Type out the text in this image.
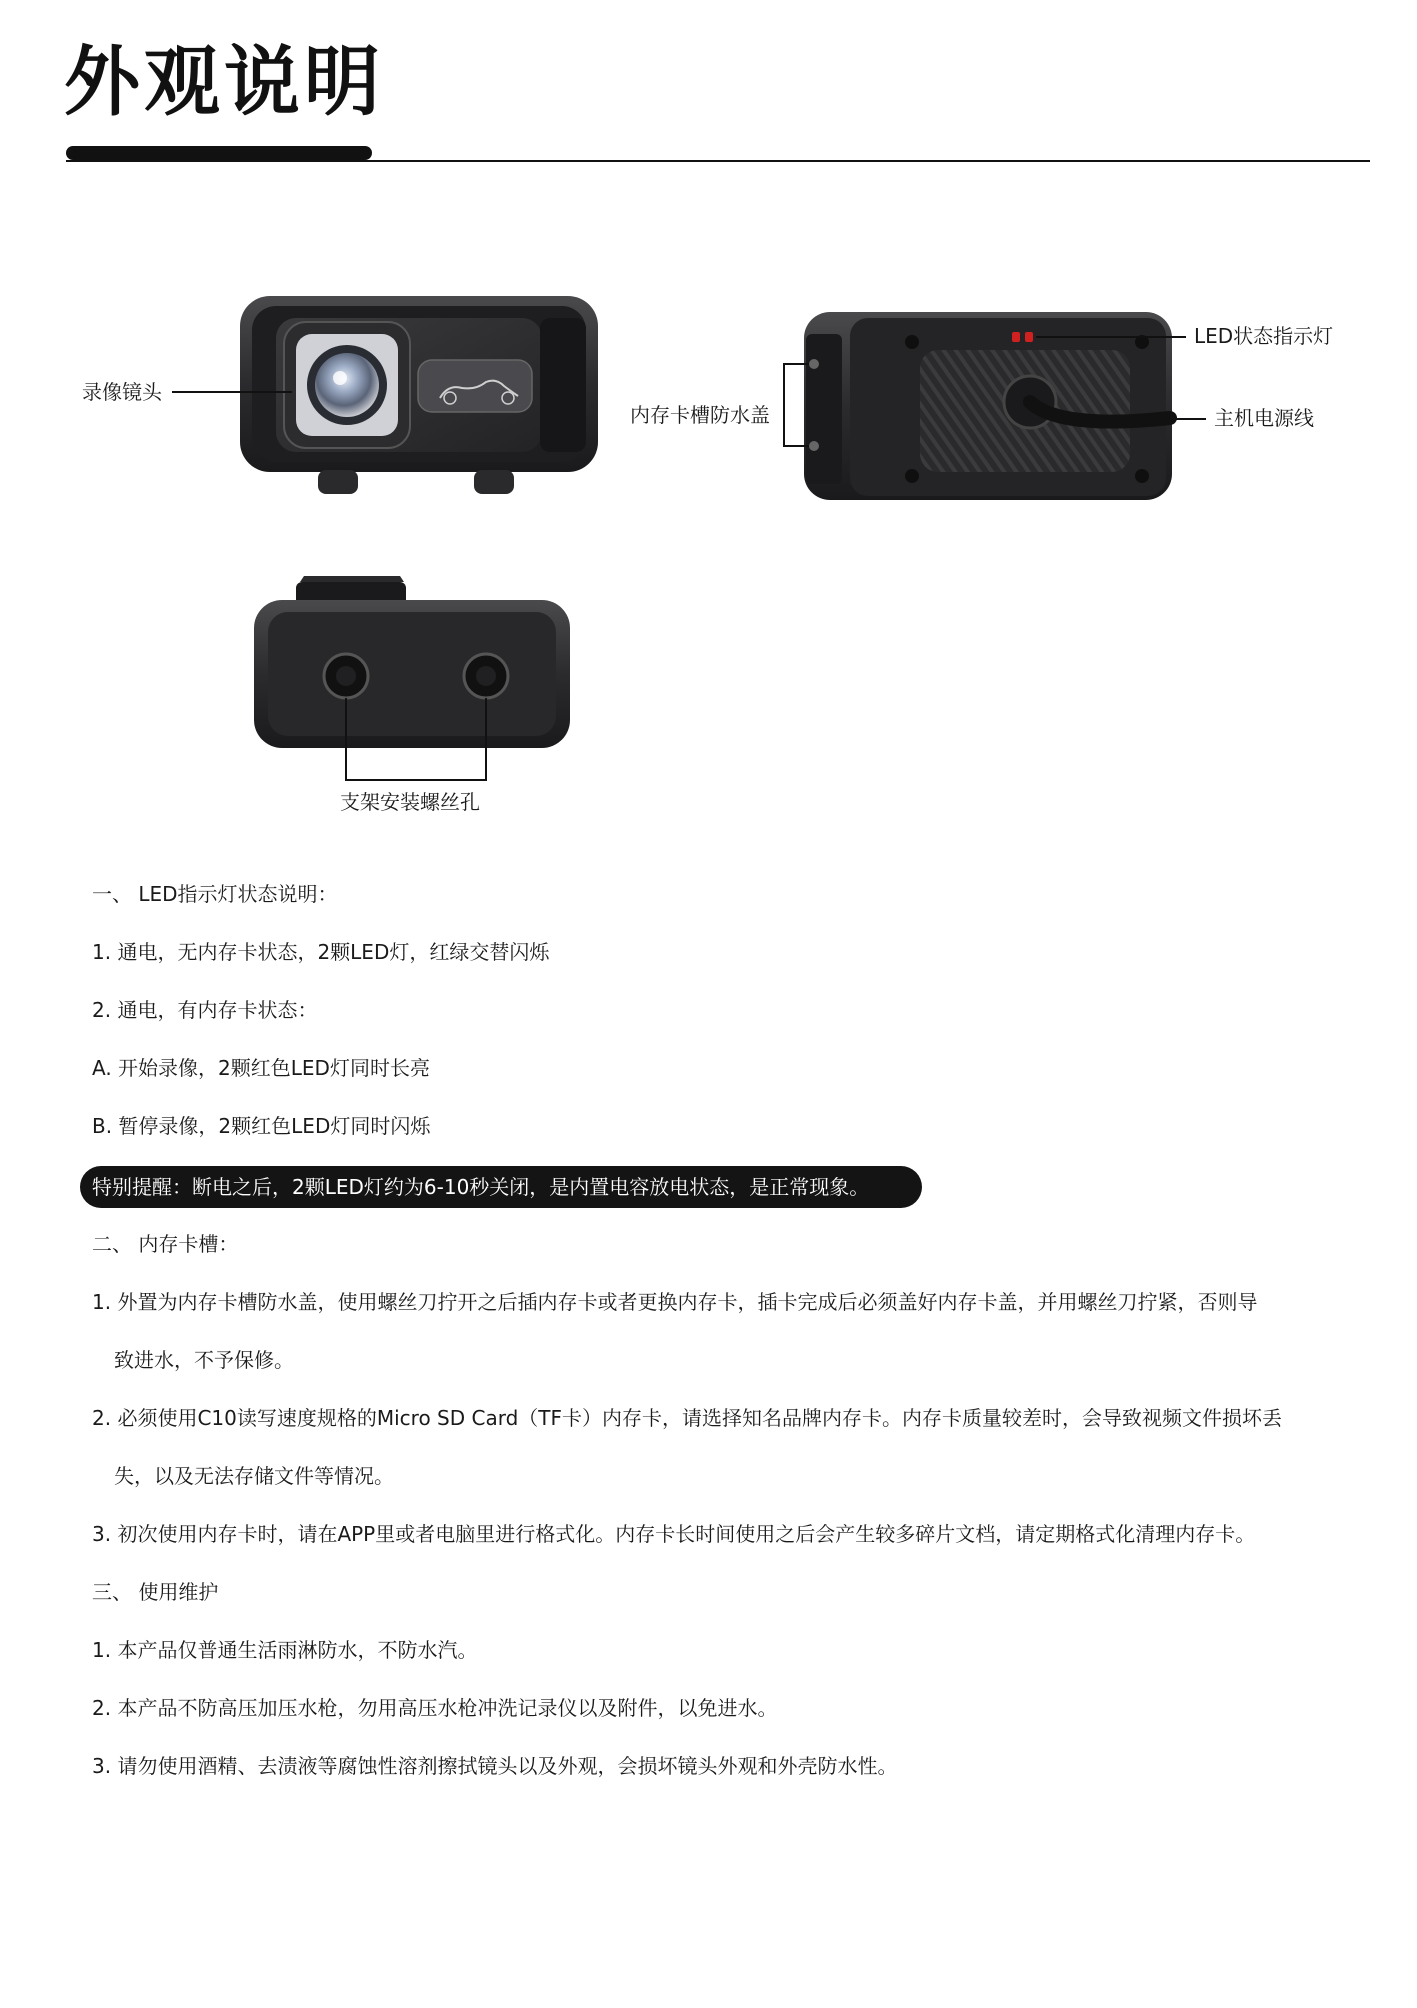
外观说明
录像镜头
LED状态指示灯
内存卡槽防水盖	主机电源线
支架安装螺丝孔
一、 LED指示灯状态说明：
1. 通电，无内存卡状态，2颗LED灯，红绿交替闪烁
2. 通电，有内存卡状态：
A. 开始录像，2颗红色LED灯同时长亮
B. 暂停录像，2颗红色LED灯同时闪烁
特别提醒：断电之后，2颗LED灯约为6-10秒关闭，是内置电容放电状态，是正常现象。
二、 内存卡槽：
1. 外置为内存卡槽防水盖，使用螺丝刀拧开之后插内存卡或者更换内存卡，插卡完成后必须盖好内存卡盖，并用螺丝刀拧紧，否则导
致进水，不予保修。
2. 必须使用C10读写速度规格的Micro SD Card（TF卡）内存卡，请选择知名品牌内存卡。内存卡质量较差时，会导致视频文件损坏丢
失，以及无法存储文件等情况。
3. 初次使用内存卡时，请在APP里或者电脑里进行格式化。内存卡长时间使用之后会产生较多碎片文档，请定期格式化清理内存卡。
三、 使用维护
1. 本产品仅普通生活雨淋防水，不防水汽。
2. 本产品不防高压加压水枪，勿用高压水枪冲洗记录仪以及附件，以免进水。
3. 请勿使用酒精、去渍液等腐蚀性溶剂擦拭镜头以及外观，会损坏镜头外观和外壳防水性。
